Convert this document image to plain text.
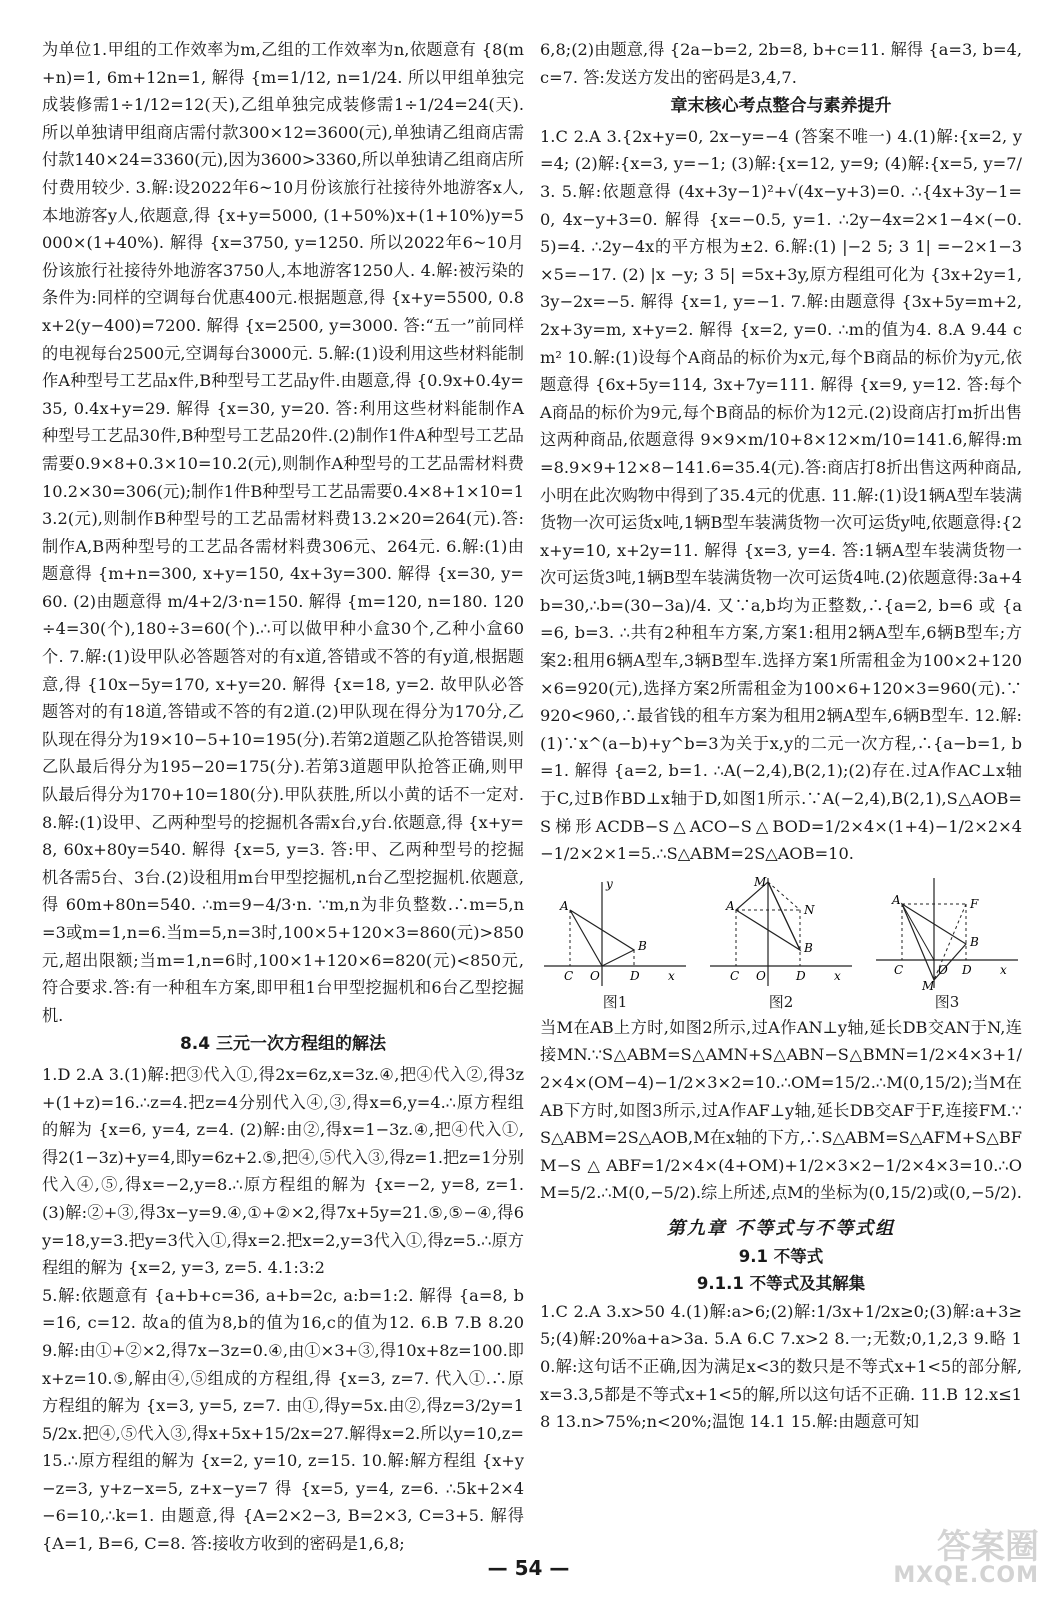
为单位1.甲组的工作效率为m,乙组的工作效率为n,依题意有 {8(m+n)=1, 6m+12n=1, 解得 {m=1/12, n=1/24. 所以甲组单独完成装修需1÷1/12=12(天),乙组单独完成装修需1÷1/24=24(天).所以单独请甲组商店需付款300×12=3600(元),单独请乙组商店需付款140×24=3360(元),因为3600>3360,所以单独请乙组商店所付费用较少. 3.解:设2022年6~10月份该旅行社接待外地游客x人,本地游客y人,依题意,得 {x+y=5000, (1+50%)x+(1+10%)y=5000×(1+40%). 解得 {x=3750, y=1250. 所以2022年6~10月份该旅行社接待外地游客3750人,本地游客1250人. 4.解:被污染的条件为:同样的空调每台优惠400元.根据题意,得 {x+y=5500, 0.8x+2(y−400)=7200. 解得 {x=2500, y=3000. 答:“五一”前同样的电视每台2500元,空调每台3000元. 5.解:(1)设利用这些材料能制作A种型号工艺品x件,B种型号工艺品y件.由题意,得 {0.9x+0.4y=35, 0.4x+y=29. 解得 {x=30, y=20. 答:利用这些材料能制作A种型号工艺品30件,B种型号工艺品20件.(2)制作1件A种型号工艺品需要0.9×8+0.3×10=10.2(元),则制作A种型号的工艺品需材料费10.2×30=306(元);制作1件B种型号工艺品需要0.4×8+1×10=13.2(元),则制作B种型号的工艺品需材料费13.2×20=264(元).答:制作A,B两种型号的工艺品各需材料费306元、264元. 6.解:(1)由题意得 {m+n=300, x+y=150, 4x+3y=300. 解得 {x=30, y=60. (2)由题意得 m/4+2/3·n=150. 解得 {m=120, n=180. 120÷4=30(个),180÷3=60(个).∴可以做甲种小盒30个,乙种小盒60个. 7.解:(1)设甲队必答题答对的有x道,答错或不答的有y道,根据题意,得 {10x−5y=170, x+y=20. 解得 {x=18, y=2. 故甲队必答题答对的有18道,答错或不答的有2道.(2)甲队现在得分为170分,乙队现在得分为19×10−5+10=195(分).若第2道题乙队抢答错误,则乙队最后得分为195−20=175(分).若第3道题甲队抢答正确,则甲队最后得分为170+10=180(分).甲队获胜,所以小黄的话不一定对. 8.解:(1)设甲、乙两种型号的挖掘机各需x台,y台.依题意,得 {x+y=8, 60x+80y=540. 解得 {x=5, y=3. 答:甲、乙两种型号的挖掘机各需5台、3台.(2)设租用m台甲型挖掘机,n台乙型挖掘机.依题意,得 60m+80n=540. ∴m=9−4/3·n. ∵m,n为非负整数.∴m=5,n=3或m=1,n=6.当m=5,n=3时,100×5+120×3=860(元)>850元,超出限额;当m=1,n=6时,100×1+120×6=820(元)<850元,符合要求.答:有一种租车方案,即甲租1台甲型挖掘机和6台乙型挖掘机.

8.4 三元一次方程组的解法

1.D 2.A 3.(1)解:把③代入①,得2x=6z,x=3z.④,把④代入②,得3z+(1+z)=16.∴z=4.把z=4分别代入④,③,得x=6,y=4.∴原方程组的解为 {x=6, y=4, z=4. (2)解:由②,得x=1−3z.④,把④代入①,得2(1−3z)+y=4,即y=6z+2.⑤,把④,⑤代入③,得z=1.把z=1分别代入④,⑤,得x=−2,y=8.∴原方程组的解为 {x=−2, y=8, z=1. (3)解:②+③,得3x−y=9.④,①+②×2,得7x+5y=21.⑤,⑤−④,得6y=18,y=3.把y=3代入①,得x=2.把x=2,y=3代入①,得z=5.∴原方程组的解为 {x=2, y=3, z=5. 4.1:3:2

5.解:依题意有 {a+b+c=36, a+b=2c, a:b=1:2. 解得 {a=8, b=16, c=12. 故a的值为8,b的值为16,c的值为12. 6.B 7.B 8.20 9.解:由①+②×2,得7x−3z=0.④,由①×3+③,得10x+8z=100.即x+z=10.⑤,解由④,⑤组成的方程组,得 {x=3, z=7. 代入①.∴原方程组的解为 {x=3, y=5, z=7. 由①,得y=5x.由②,得z=3/2y=15/2x.把④,⑤代入③,得x+5x+15/2x=27.解得x=2.所以y=10,z=15.∴原方程组的解为 {x=2, y=10, z=15. 10.解:解方程组 {x+y−z=3, y+z−x=5, z+x−y=7 得 {x=5, y=4, z=6. ∴5k+2×4−6=10,∴k=1. 由题意,得 {A=2×2−3, B=2×3, C=3+5. 解得 {A=1, B=6, C=8. 答:接收方收到的密码是1,6,8;

6,8;(2)由题意,得 {2a−b=2, 2b=8, b+c=11. 解得 {a=3, b=4, c=7. 答:发送方发出的密码是3,4,7.

章末核心考点整合与素养提升

1.C 2.A 3.{2x+y=0, 2x−y=−4 (答案不唯一) 4.(1)解:{x=2, y=4; (2)解:{x=3, y=−1; (3)解:{x=12, y=9; (4)解:{x=5, y=7/3. 5.解:依题意得 (4x+3y−1)²+√(4x−y+3)=0. ∴{4x+3y−1=0, 4x−y+3=0. 解得 {x=−0.5, y=1. ∴2y−4x=2×1−4×(−0.5)=4. ∴2y−4x的平方根为±2. 6.解:(1) |−2 5; 3 1| =−2×1−3×5=−17. (2) |x −y; 3 5| =5x+3y,原方程组可化为 {3x+2y=1, 3y−2x=−5. 解得 {x=1, y=−1. 7.解:由题意得 {3x+5y=m+2, 2x+3y=m, x+y=2. 解得 {x=2, y=0. ∴m的值为4. 8.A 9.44 cm² 10.解:(1)设每个A商品的标价为x元,每个B商品的标价为y元,依题意得 {6x+5y=114, 3x+7y=111. 解得 {x=9, y=12. 答:每个A商品的标价为9元,每个B商品的标价为12元.(2)设商店打m折出售这两种商品,依题意得 9×9×m/10+8×12×m/10=141.6,解得:m=8.9×9+12×8−141.6=35.4(元).答:商店打8折出售这两种商品,小明在此次购物中得到了35.4元的优惠. 11.解:(1)设1辆A型车装满货物一次可运货x吨,1辆B型车装满货物一次可运货y吨,依题意得:{2x+y=10, x+2y=11. 解得 {x=3, y=4. 答:1辆A型车装满货物一次可运货3吨,1辆B型车装满货物一次可运货4吨.(2)依题意得:3a+4b=30,∴b=(30−3a)/4. 又∵a,b均为正整数,∴{a=2, b=6 或 {a=6, b=3. ∴共有2种租车方案,方案1:租用2辆A型车,6辆B型车;方案2:租用6辆A型车,3辆B型车.选择方案1所需租金为100×2+120×6=920(元),选择方案2所需租金为100×6+120×3=960(元).∵920<960,∴最省钱的租车方案为租用2辆A型车,6辆B型车. 12.解:(1)∵x^(a−b)+y^b=3为关于x,y的二元一次方程,∴{a−b=1, b=1. 解得 {a=2, b=1. ∴A(−2,4),B(2,1);(2)存在.过A作AC⊥x轴于C,过B作BD⊥x轴于D,如图1所示.∵A(−2,4),B(2,1),S△AOB=S梯形ACDB−S△ACO−S△BOD=1/2×4×(1+4)−1/2×2×4−1/2×2×1=5.∴S△ABM=2S△AOB=10.

A
B
C O	D x
y
图1
A
B
N
M
C O	D x
图2
A
B
F
M
C	O D x
图3

当M在AB上方时,如图2所示,过A作AN⊥y轴,延长DB交AN于N,连接MN.∵S△ABM=S△AMN+S△ABN−S△BMN=1/2×4×3+1/2×4×(OM−4)−1/2×3×2=10.∴OM=15/2.∴M(0,15/2);当M在AB下方时,如图3所示,过A作AF⊥y轴,延长DB交AF于F,连接FM.∵S△ABM=2S△AOB,M在x轴的下方,∴S△ABM=S△AFM+S△BFM−S△ABF=1/2×4×(4+OM)+1/2×3×2−1/2×4×3=10.∴OM=5/2.∴M(0,−5/2).综上所述,点M的坐标为(0,15/2)或(0,−5/2).

第九章 不等式与不等式组
9.1 不等式
9.1.1 不等式及其解集

1.C 2.A 3.x>50 4.(1)解:a>6;(2)解:1/3x+1/2x≥0;(3)解:a+3≥5;(4)解:20%a+a>3a. 5.A 6.C 7.x>2 8.一;无数;0,1,2,3 9.略 10.解:这句话不正确,因为满足x<3的数只是不等式x+1<5的部分解,x=3.3,5都是不等式x+1<5的解,所以这句话不正确. 11.B 12.x≤18 13.n>75%;n<20%;温饱 14.1 15.解:由题意可知

— 54 —
答案圈
MXQE.COM
